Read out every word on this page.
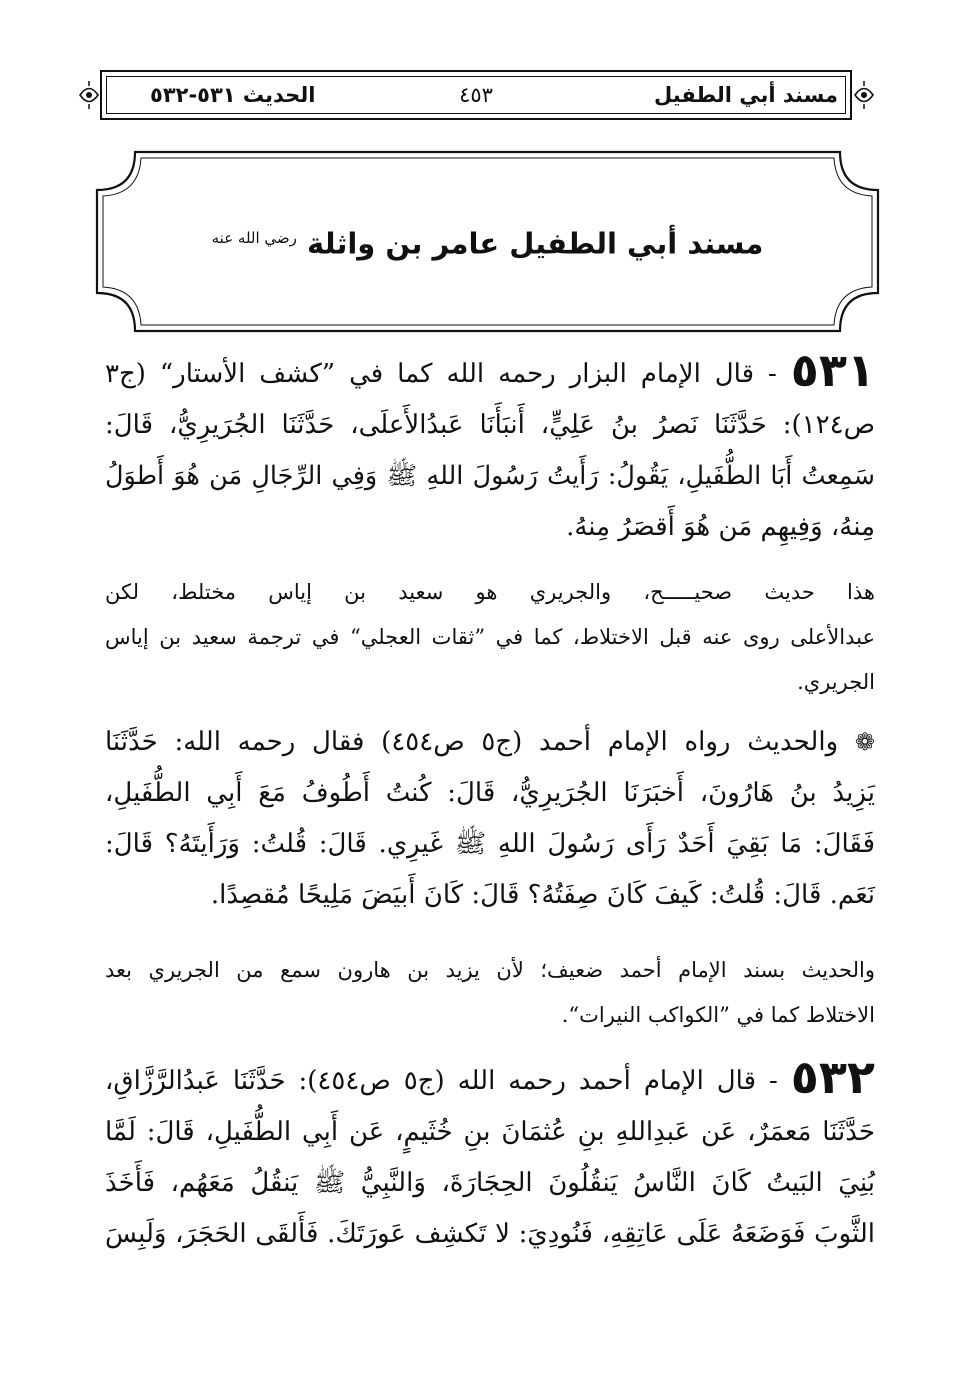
مسند أبي الطفيل
٤٥٣
الحديث ٥٣١-٥٣٢
مسند أبي الطفيل عامر بن واثلة $^{رضي الله عنه}$
٥٣١ - قال الإمام البزار رحمه الله كما في ”كشف الأستار“ (ج٣
ص١٢٤): حَدَّثَنَا نَصرُ بنُ عَلِيٍّ، أَنبَأَنَا عَبدُالأَعلَى، حَدَّثَنَا الجُرَيرِيُّ، قَالَ:
سَمِعتُ أَبَا الطُّفَيلِ، يَقُولُ: رَأَيتُ رَسُولَ اللهِ ﷺ وَفِي الرِّجَالِ مَن هُوَ أَطوَلُ
مِنهُ، وَفِيهِم مَن هُوَ أَقصَرُ مِنهُ.
هذا حديث صحيـــــح، والجريري هو سعيد بن إياس مختلط، لكن
عبدالأعلى روى عنه قبل الاختلاط، كما في ”ثقات العجلي“ في ترجمة سعيد بن إياس
الجريري.
❁ والحديث رواه الإمام أحمد (ج٥ ص٤٥٤) فقال رحمه الله: حَدَّثَنَا
يَزِيدُ بنُ هَارُونَ، أَخبَرَنَا الجُرَيرِيُّ، قَالَ: كُنتُ أَطُوفُ مَعَ أَبِي الطُّفَيلِ،
فَقَالَ: مَا بَقِيَ أَحَدٌ رَأَى رَسُولَ اللهِ ﷺ غَيرِي. قَالَ: قُلتُ: وَرَأَيتَهُ؟ قَالَ:
نَعَم. قَالَ: قُلتُ: كَيفَ كَانَ صِفَتُهُ؟ قَالَ: كَانَ أَبيَضَ مَلِيحًا مُقصِدًا.
والحديث بسند الإمام أحمد ضعيف؛ لأن يزيد بن هارون سمع من الجريري بعد
الاختلاط كما في ”الكواكب النيرات“.
٥٣٢ - قال الإمام أحمد رحمه الله (ج٥ ص٤٥٤): حَدَّثَنَا عَبدُالرَّزَّاقِ،
حَدَّثَنَا مَعمَرٌ، عَن عَبدِاللهِ بنِ عُثمَانَ بنِ خُثَيمٍ، عَن أَبِي الطُّفَيلِ، قَالَ: لَمَّا
بُنِيَ البَيتُ كَانَ النَّاسُ يَنقُلُونَ الحِجَارَةَ، وَالنَّبِيُّ ﷺ يَنقُلُ مَعَهُم، فَأَخَذَ
الثَّوبَ فَوَضَعَهُ عَلَى عَاتِقِهِ، فَنُودِيَ: لا تَكشِف عَورَتَكَ. فَأَلقَى الحَجَرَ، وَلَبِسَ
